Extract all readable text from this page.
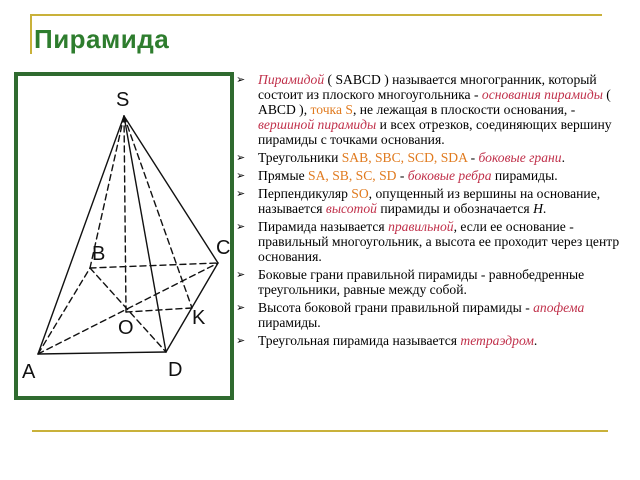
Пирамида
S
B	C
O	K
A	D
➢ Пирамидой ( SABCD ) называется многогранник, который состоит из плоского многоугольника - основания пирамиды ( ABCD ), точка S, не лежащая в плоскости основания, - вершиной пирамиды и всех отрезков, соединяющих вершину пирамиды с точками основания.
➢ Треугольники SAB, SBC, SCD, SDA - боковые грани.
➢ Прямые SA, SB, SC, SD - боковые ребра пирамиды.
➢ Перпендикуляр SO, опущенный из вершины на основание, называется высотой пирамиды и обозначается H.
➢ Пирамида называется правильной, если ее основание - правильный многоугольник, а высота ее проходит через центр основания.
➢ Боковые грани правильной пирамиды - равнобедренные треугольники, равные между собой.
➢ Высота боковой грани правильной пирамиды - апофема пирамиды.
➢ Треугольная пирамида называется тетраэдром.
